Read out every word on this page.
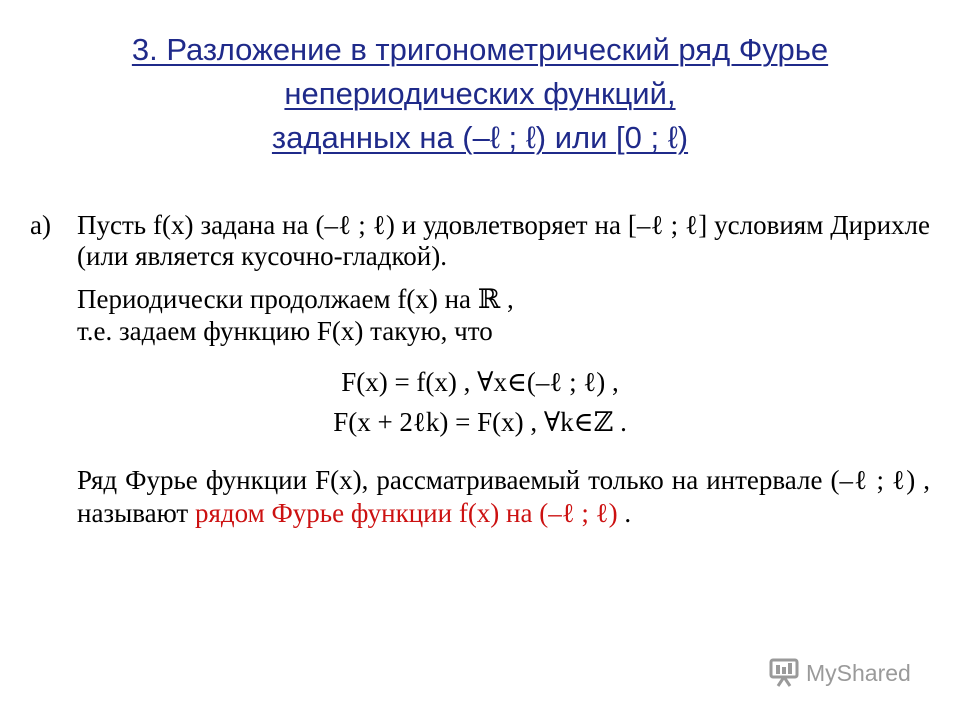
3. Разложение в тригонометрический ряд Фурье
непериодических функций,
заданных на (–ℓ ; ℓ) или [0 ; ℓ)
а) Пусть f(x) задана на (–ℓ ; ℓ) и удовлетворяет на [–ℓ ; ℓ] условиям Дирихле (или является кусочно-гладкой).
Периодически продолжаем f(x) на ℝ ,
т.е. задаем функцию F(x) такую, что
F(x) = f(x) , ∀x∈(–ℓ ; ℓ) ,
F(x + 2ℓk) = F(x) , ∀k∈ℤ .
Ряд Фурье функции F(x), рассматриваемый только на интервале (–ℓ ; ℓ) , называют рядом Фурье функции f(x) на (–ℓ ; ℓ) .
MyShared
